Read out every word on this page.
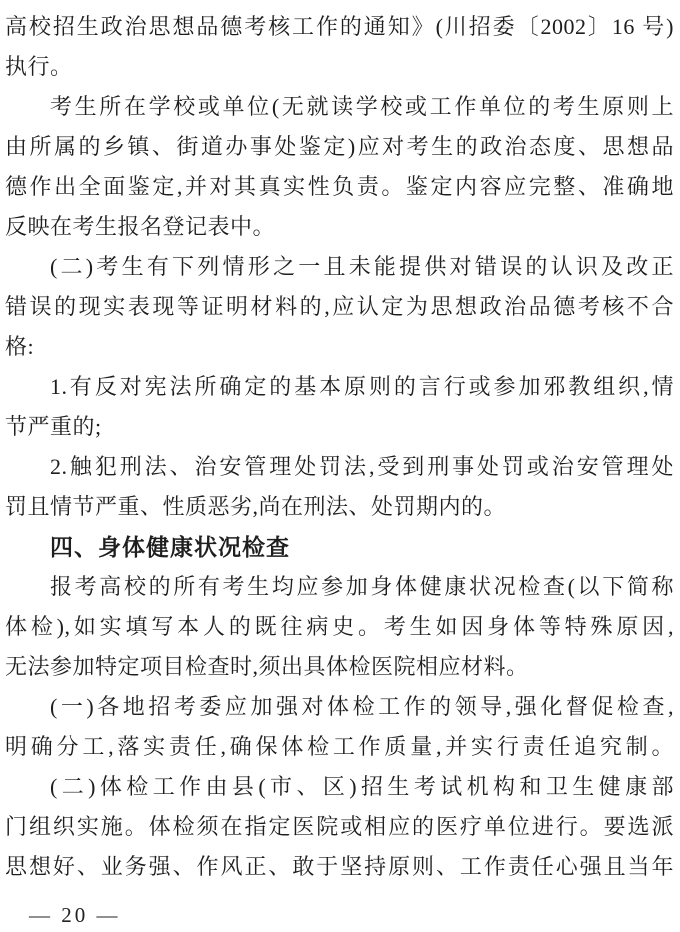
高校招生政治思想品德考核工作的通知》(川招委〔2002〕16 号)
执行。
考生所在学校或单位(无就读学校或工作单位的考生原则上
由所属的乡镇、街道办事处鉴定)应对考生的政治态度、思想品
德作出全面鉴定,并对其真实性负责。鉴定内容应完整、准确地
反映在考生报名登记表中。
(二)考生有下列情形之一且未能提供对错误的认识及改正
错误的现实表现等证明材料的,应认定为思想政治品德考核不合
格:
1.有反对宪法所确定的基本原则的言行或参加邪教组织,情
节严重的;
2.触犯刑法、治安管理处罚法,受到刑事处罚或治安管理处
罚且情节严重、性质恶劣,尚在刑法、处罚期内的。
四、身体健康状况检查
报考高校的所有考生均应参加身体健康状况检查(以下简称
体检),如实填写本人的既往病史。考生如因身体等特殊原因,
无法参加特定项目检查时,须出具体检医院相应材料。
(一)各地招考委应加强对体检工作的领导,强化督促检查,
明确分工,落实责任,确保体检工作质量,并实行责任追究制。
(二)体检工作由县(市、区)招生考试机构和卫生健康部
门组织实施。体检须在指定医院或相应的医疗单位进行。要选派
思想好、业务强、作风正、敢于坚持原则、工作责任心强且当年
— 20 —
